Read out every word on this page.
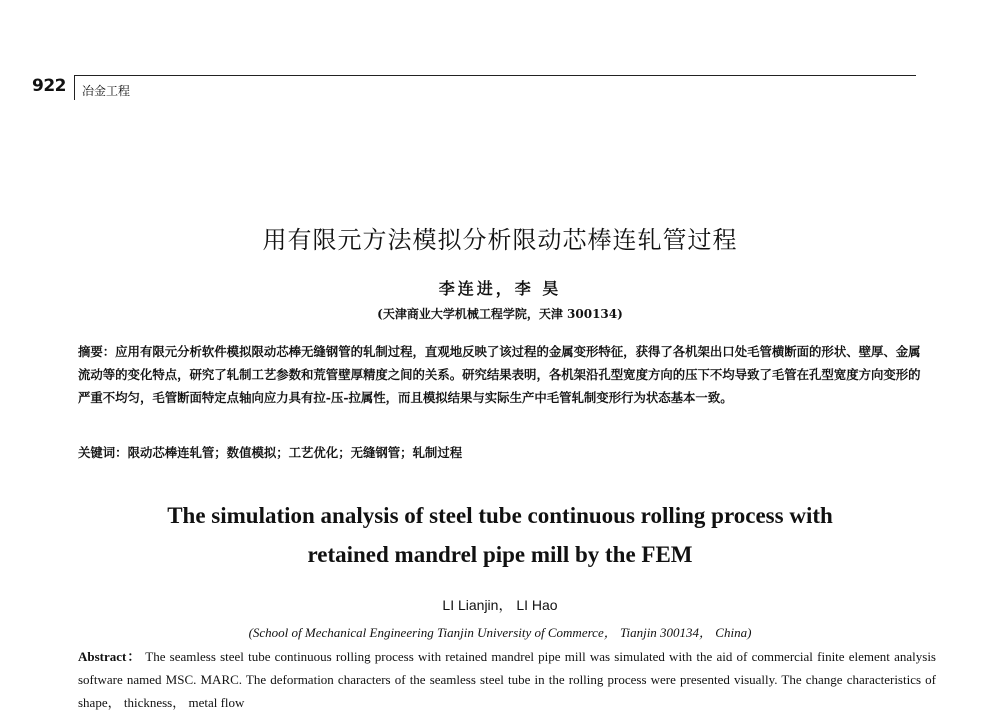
922 冶金工程
用有限元方法模拟分析限动芯棒连轧管过程
李连进，李 昊
(天津商业大学机械工程学院，天津 300134)
摘要：应用有限元分析软件模拟限动芯棒无缝钢管的轧制过程，直观地反映了该过程的金属变形特征，获得了各机架出口处毛管横断面的形状、壁厚、金属流动等的变化特点，研究了轧制工艺参数和荒管壁厚精度之间的关系。研究结果表明，各机架沿孔型宽度方向的压下不均导致了毛管在孔型宽度方向变形的严重不均匀，毛管断面特定点轴向应力具有拉-压-拉属性，而且模拟结果与实际生产中毛管轧制变形行为状态基本一致。
关键词：限动芯棒连轧管；数值模拟；工艺优化；无缝钢管；轧制过程
The simulation analysis of steel tube continuous rolling process with
retained mandrel pipe mill by the FEM
LI Lianjin， LI Hao
(School of Mechanical Engineering Tianjin University of Commerce， Tianjin 300134， China)
Abstract： The seamless steel tube continuous rolling process with retained mandrel pipe mill was simulated with the aid of commercial finite element analysis software named MSC. MARC. The deformation characters of the seamless steel tube in the rolling process were presented visually. The change characteristics of shape， thickness， metal flow
